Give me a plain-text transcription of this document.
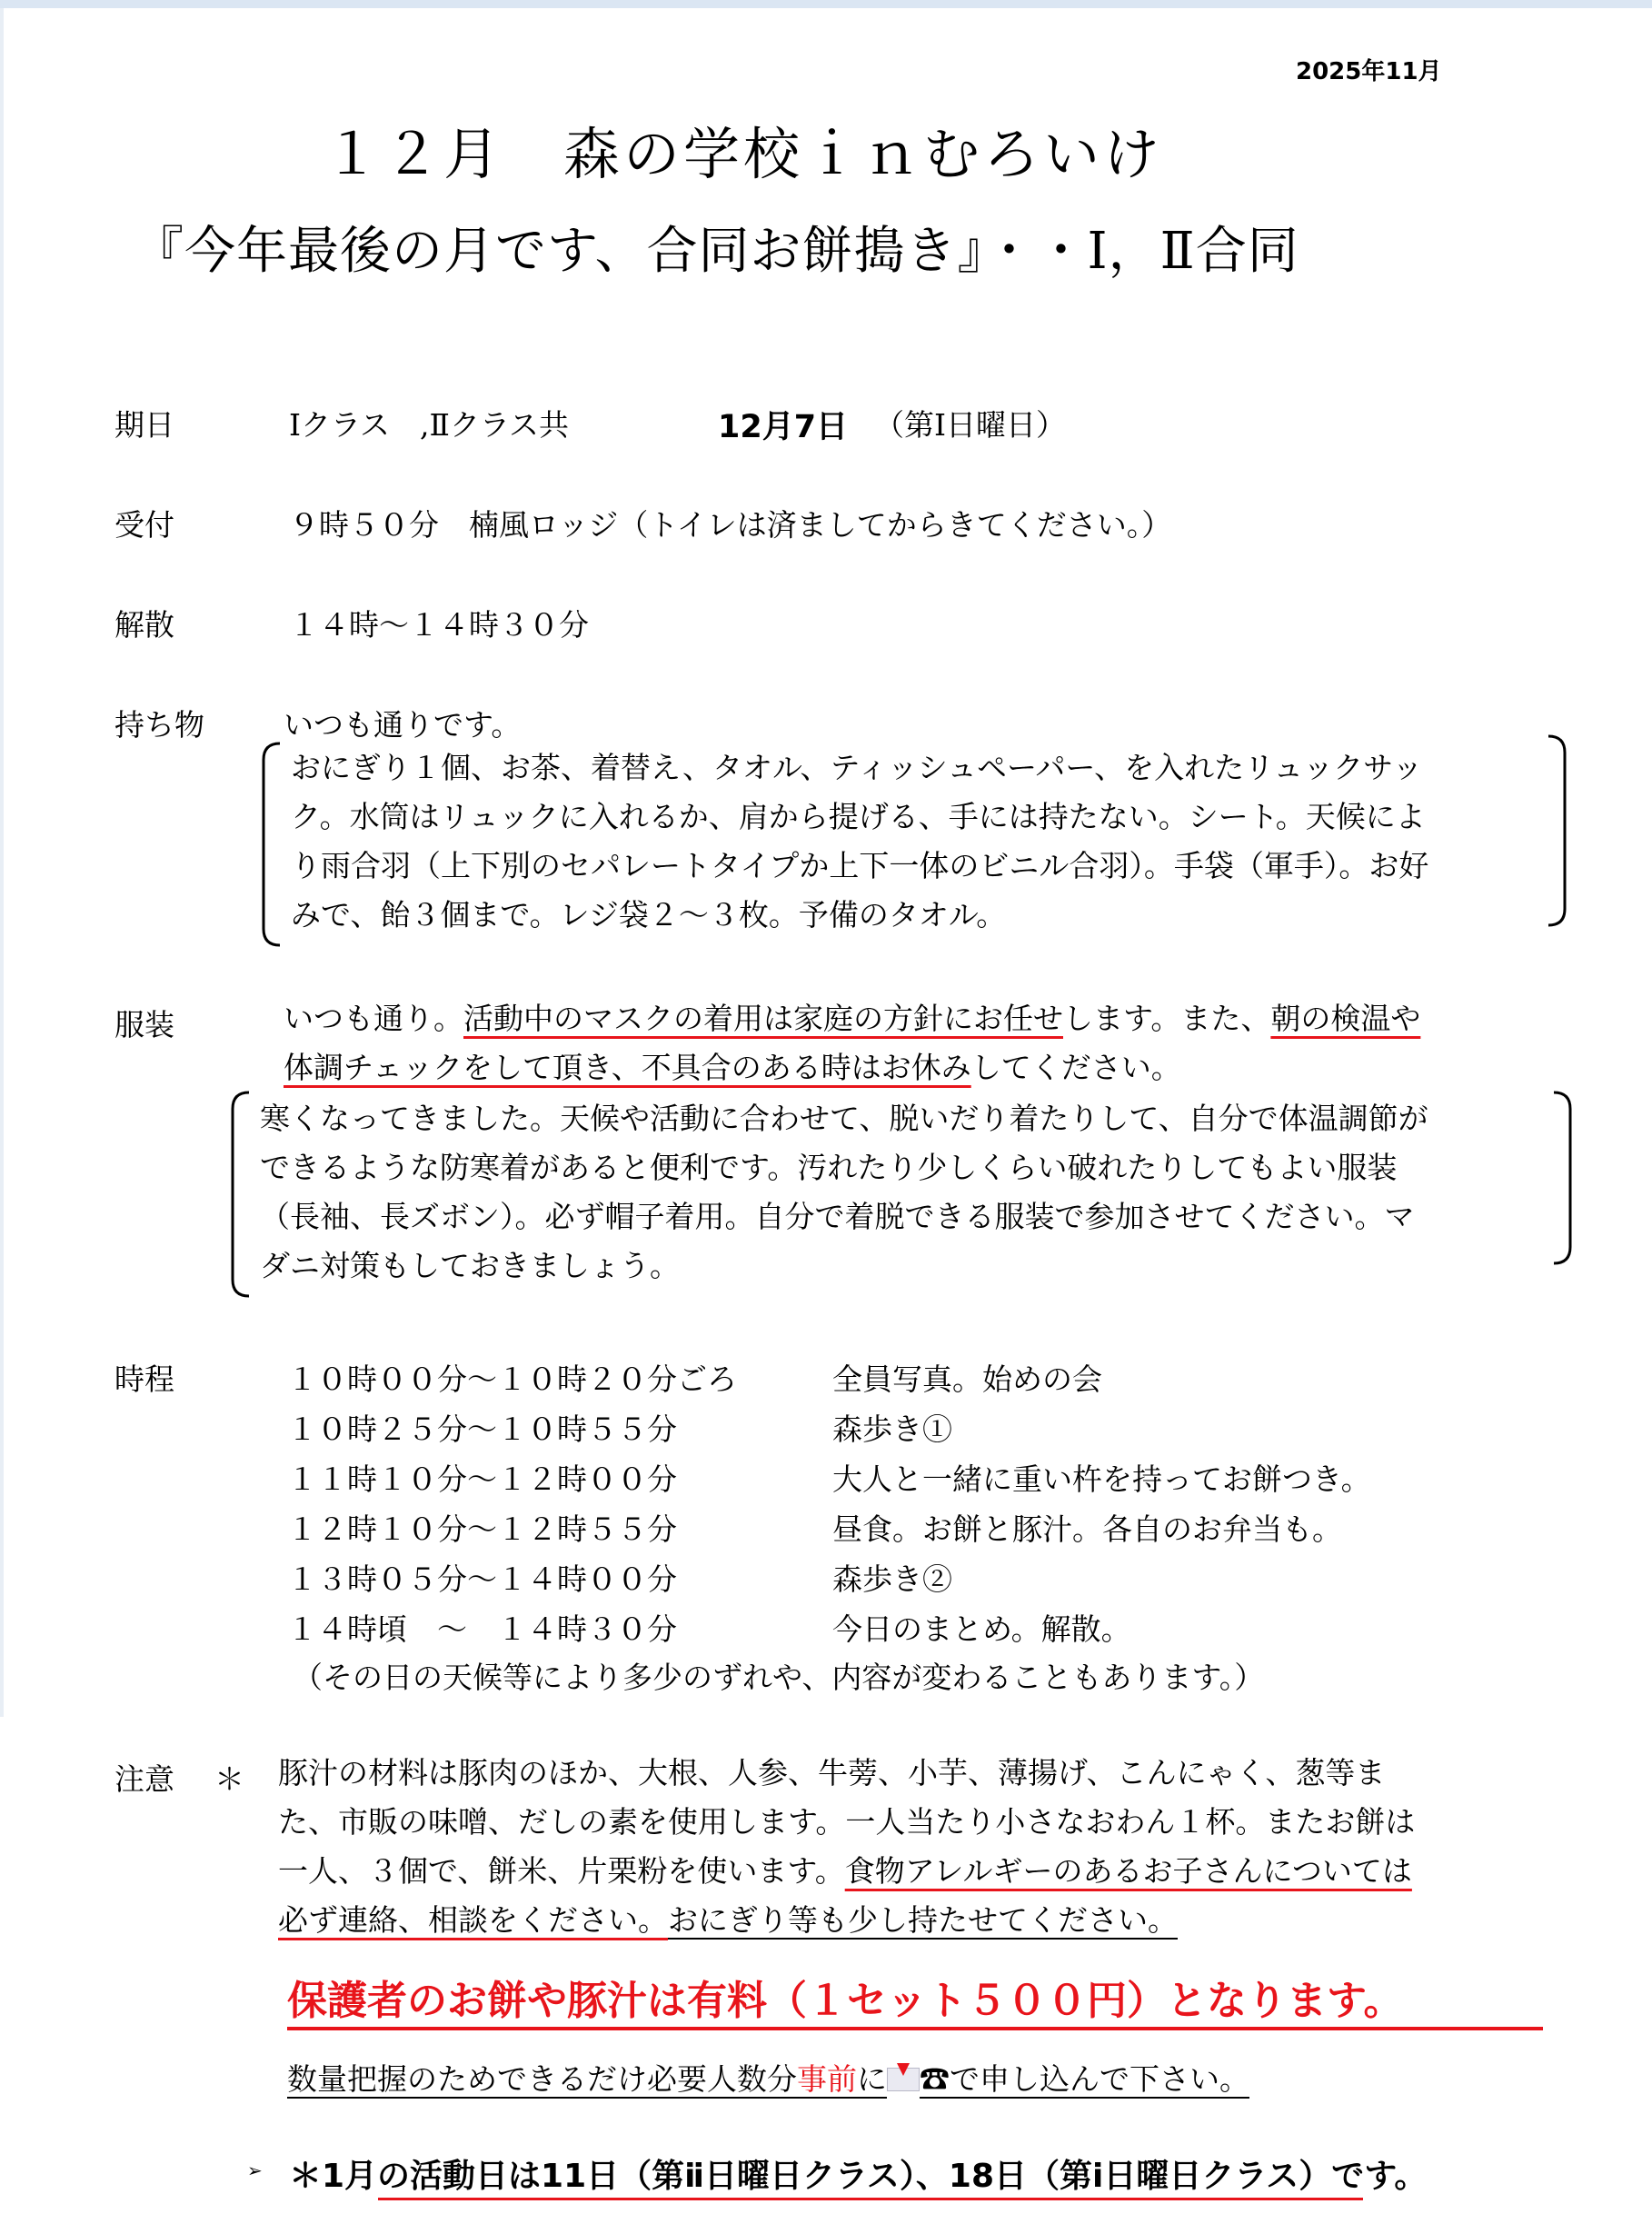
2025年11月
１２月　森の学校ｉｎむろいけ
『今年最後の月です、合同お餅搗き』・・Ⅰ，Ⅱ合同
期日	Ⅰクラス　,Ⅱクラス共	12月7日 （第Ⅰ日曜日）
受付	９時５０分　楠風ロッジ（トイレは済ましてからきてください。）
解散	１４時～１４時３０分
持ち物	いつも通りです。
おにぎり１個、お茶、着替え、タオル、ティッシュペーパー、を入れたリュックサッ
ク。水筒はリュックに入れるか、肩から提げる、手には持たない。シート。天候によ
り雨合羽（上下別のセパレートタイプか上下一体のビニル合羽）。手袋（軍手）。お好
みで、飴３個まで。レジ袋２～３枚。予備のタオル。
服装	いつも通り。活動中のマスクの着用は家庭の方針にお任せします。また、朝の検温や
体調チェックをして頂き、不具合のある時はお休みしてください。
寒くなってきました。天候や活動に合わせて、脱いだり着たりして、自分で体温調節が
できるような防寒着があると便利です。汚れたり少しくらい破れたりしてもよい服装
（長袖、長ズボン）。必ず帽子着用。自分で着脱できる服装で参加させてください。マ
ダニ対策もしておきましょう。
時程	１０時００分～１０時２０分ごろ	全員写真。始めの会
１０時２５分～１０時５５分	森歩き①
１１時１０分～１２時００分	大人と一緒に重い杵を持ってお餅つき。
１２時１０分～１２時５５分	昼食。お餅と豚汁。各自のお弁当も。
１３時０５分～１４時００分	森歩き②
１４時頃　～　１４時３０分	今日のまとめ。解散。
（その日の天候等により多少のずれや、内容が変わることもあります。）
注意 ＊ 豚汁の材料は豚肉のほか、大根、人参、牛蒡、小芋、薄揚げ、こんにゃく、葱等ま
た、市販の味噌、だしの素を使用します。一人当たり小さなおわん１杯。またお餅は
一人、３個で、餅米、片栗粉を使います。食物アレルギーのあるお子さんについては
必ず連絡、相談をください。おにぎり等も少し持たせてください。
保護者のお餅や豚汁は有料（１セット５００円）となります。
数量把握のためできるだけ必要人数分事前に ☎で申し込んで下さい。
➢ ＊1月の活動日は11日（第ⅱ日曜日クラス）、18日（第ⅰ日曜日クラス）です。
